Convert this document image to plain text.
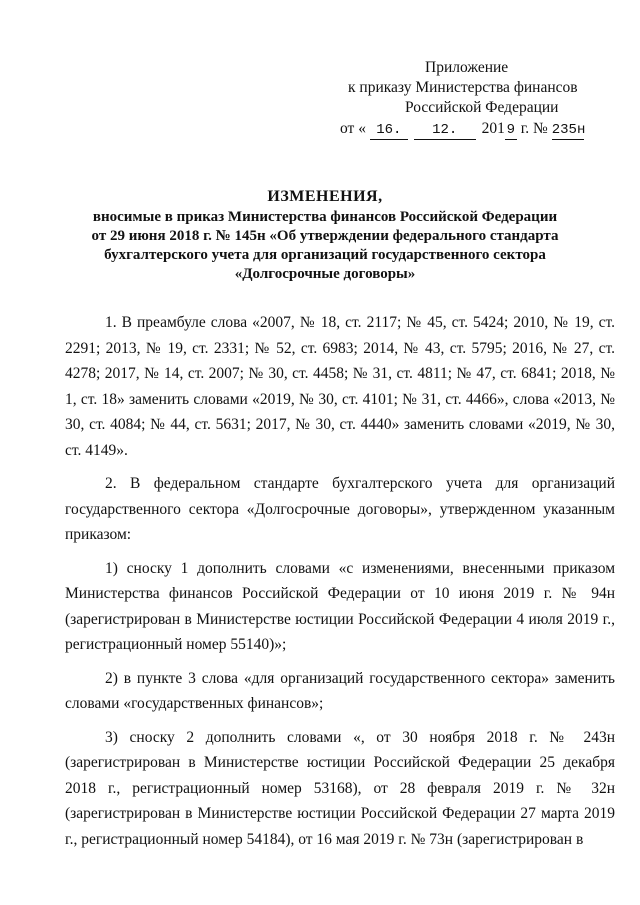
Приложение
к приказу Министерства финансов
Российской Федерации
от « 16. 12. 201 9 г. № 235н
ИЗМЕНЕНИЯ,
вносимые в приказ Министерства финансов Российской Федерации
от 29 июня 2018 г. № 145н «Об утверждении федерального стандарта
бухгалтерского учета для организаций государственного сектора
«Долгосрочные договоры»

1. В преамбуле слова «2007, № 18, ст. 2117; № 45, ст. 5424; 2010, № 19, ст. 2291; 2013, № 19, ст. 2331; № 52, ст. 6983; 2014, № 43, ст. 5795; 2016, № 27, ст. 4278; 2017, № 14, ст. 2007; № 30, ст. 4458; № 31, ст. 4811; № 47, ст. 6841; 2018, № 1, ст. 18» заменить словами «2019, № 30, ст. 4101; № 31, ст. 4466», слова «2013, № 30, ст. 4084; № 44, ст. 5631; 2017, № 30, ст. 4440» заменить словами «2019, № 30, ст. 4149».

2. В федеральном стандарте бухгалтерского учета для организаций государственного сектора «Долгосрочные договоры», утвержденном указанным приказом:

1) сноску 1 дополнить словами «с изменениями, внесенными приказом Министерства финансов Российской Федерации от 10 июня 2019 г. № 94н (зарегистрирован в Министерстве юстиции Российской Федерации 4 июля 2019 г., регистрационный номер 55140)»;

2) в пункте 3 слова «для организаций государственного сектора» заменить словами «государственных финансов»;

3) сноску 2 дополнить словами «, от 30 ноября 2018 г. № 243н (зарегистрирован в Министерстве юстиции Российской Федерации 25 декабря 2018 г., регистрационный номер 53168), от 28 февраля 2019 г. № 32н (зарегистрирован в Министерстве юстиции Российской Федерации 27 марта 2019 г., регистрационный номер 54184), от 16 мая 2019 г. № 73н (зарегистрирован в
